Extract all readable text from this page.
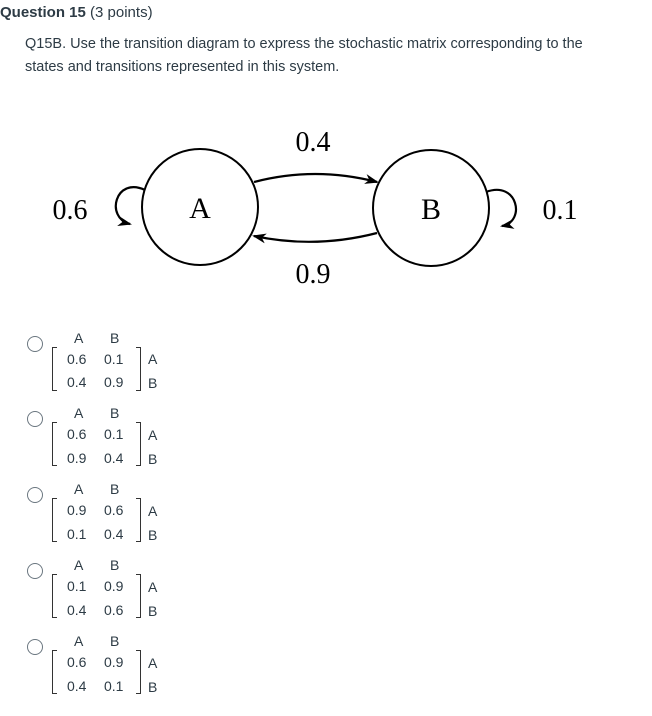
Question 15 (3 points)
Q15B. Use the transition diagram to express the stochastic matrix corresponding to the states and transitions represented in this system.
A	B
0.4
0.9
0.6	0.1
A B
0.6 0.1
0.4 0.9
A
B
A B
0.6 0.1
0.9 0.4
A
B
A B
0.9 0.6
0.1 0.4
A
B
A B
0.1 0.9
0.4 0.6
A
B
A B
0.6 0.9
0.4 0.1
A
B
